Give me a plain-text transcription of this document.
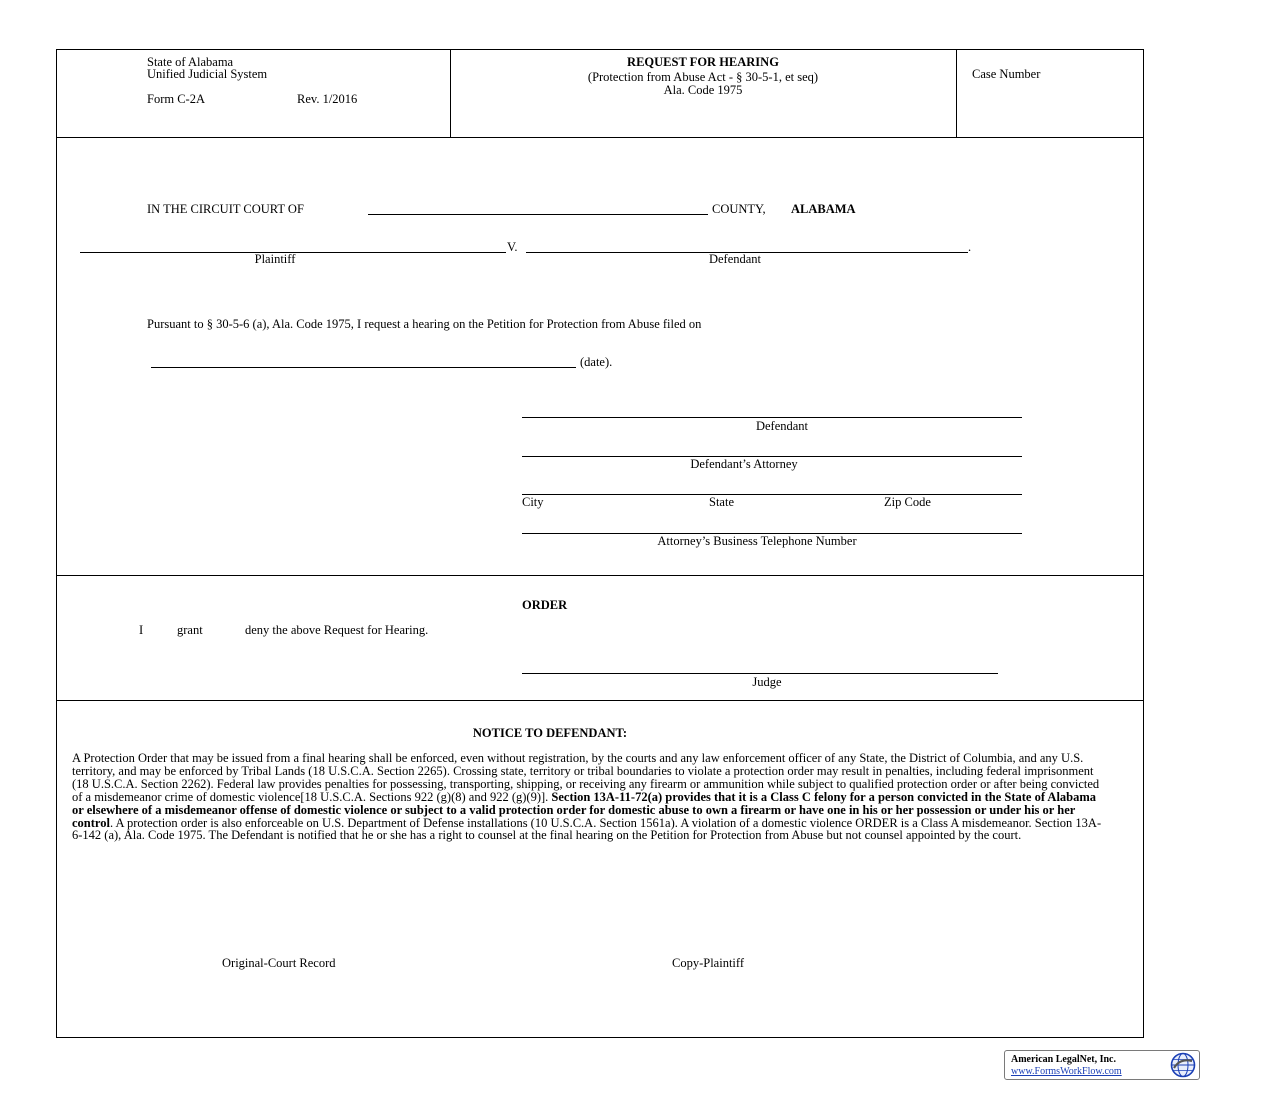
State of Alabama
Unified Judicial System
Form C-2A	Rev. 1/2016
REQUEST FOR HEARING
(Protection from Abuse Act - § 30-5-1, et seq)
Ala. Code 1975
Case Number
IN THE CIRCUIT COURT OF	COUNTY, ALABAMA
V.	.
Plaintiff	Defendant
Pursuant to § 30-5-6 (a), Ala. Code 1975, I request a hearing on the Petition for Protection from Abuse filed on
(date).
Defendant
Defendant’s Attorney
City	State	Zip Code
Attorney’s Business Telephone Number
ORDER
I	grant	deny the above Request for Hearing.
Judge
NOTICE TO DEFENDANT:
A Protection Order that may be issued from a final hearing shall be enforced, even without registration, by the courts and any law enforcement officer of any State, the District of Columbia, and any U.S. territory, and may be enforced by Tribal Lands (18 U.S.C.A. Section 2265). Crossing state, territory or tribal boundaries to violate a protection order may result in penalties, including federal imprisonment (18 U.S.C.A. Section 2262). Federal law provides penalties for possessing, transporting, shipping, or receiving any firearm or ammunition while subject to qualified protection order or after being convicted of a misdemeanor crime of domestic violence[18 U.S.C.A. Sections 922 (g)(8) and 922 (g)(9)]. Section 13A-11-72(a) provides that it is a Class C felony for a person convicted in the State of Alabama or elsewhere of a misdemeanor offense of domestic violence or subject to a valid protection order for domestic abuse to own a firearm or have one in his or her possession or under his or her control. A protection order is also enforceable on U.S. Department of Defense installations (10 U.S.C.A. Section 1561a). A violation of a domestic violence ORDER is a Class A misdemeanor. Section 13A-6-142 (a), Ala. Code 1975. The Defendant is notified that he or she has a right to counsel at the final hearing on the Petition for Protection from Abuse but not counsel appointed by the court.
Original-Court Record	Copy-Plaintiff
American LegalNet, Inc.
www.FormsWorkFlow.com
